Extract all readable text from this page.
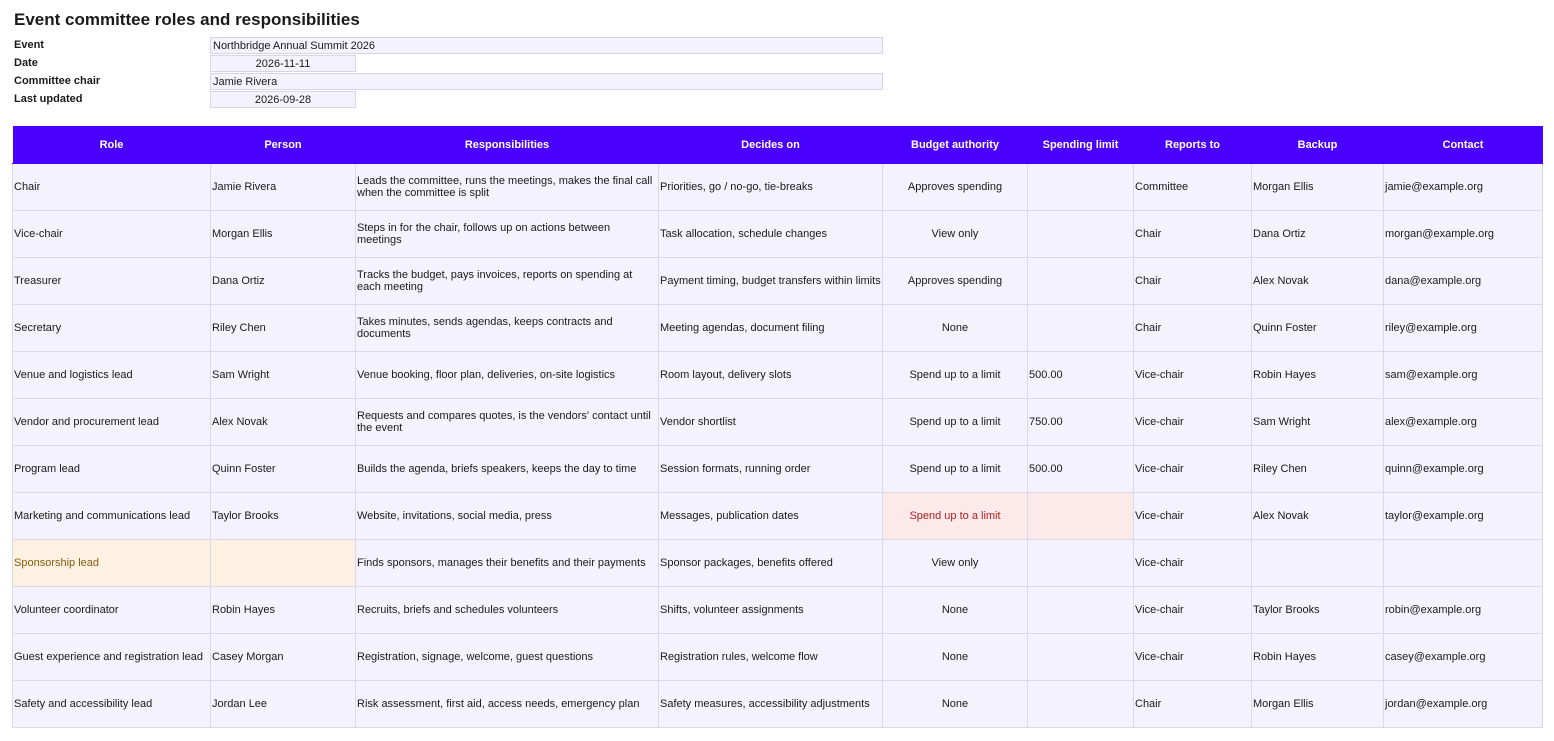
Event committee roles and responsibilities
Event	Northbridge Annual Summit 2026
Date	2026-11-11
Committee chair	Jamie Rivera
Last updated	2026-09-28
Role	Person	Responsibilities	Decides on	Budget authority	Spending limit	Reports to	Backup	Contact
Chair	Jamie Rivera	Leads the committee, runs the meetings, makes the final call when the committee is split	Priorities, go / no-go, tie-breaks	Approves spending		Committee	Morgan Ellis	jamie@example.org
Vice-chair	Morgan Ellis	Steps in for the chair, follows up on actions between meetings	Task allocation, schedule changes	View only		Chair	Dana Ortiz	morgan@example.org
Treasurer	Dana Ortiz	Tracks the budget, pays invoices, reports on spending at each meeting	Payment timing, budget transfers within limits	Approves spending		Chair	Alex Novak	dana@example.org
Secretary	Riley Chen	Takes minutes, sends agendas, keeps contracts and documents	Meeting agendas, document filing	None		Chair	Quinn Foster	riley@example.org
Venue and logistics lead	Sam Wright	Venue booking, floor plan, deliveries, on-site logistics	Room layout, delivery slots	Spend up to a limit	500.00	Vice-chair	Robin Hayes	sam@example.org
Vendor and procurement lead	Alex Novak	Requests and compares quotes, is the vendors' contact until the event	Vendor shortlist	Spend up to a limit	750.00	Vice-chair	Sam Wright	alex@example.org
Program lead	Quinn Foster	Builds the agenda, briefs speakers, keeps the day to time	Session formats, running order	Spend up to a limit	500.00	Vice-chair	Riley Chen	quinn@example.org
Marketing and communications lead	Taylor Brooks	Website, invitations, social media, press	Messages, publication dates	Spend up to a limit		Vice-chair	Alex Novak	taylor@example.org
Sponsorship lead		Finds sponsors, manages their benefits and their payments	Sponsor packages, benefits offered	View only		Vice-chair		
Volunteer coordinator	Robin Hayes	Recruits, briefs and schedules volunteers	Shifts, volunteer assignments	None		Vice-chair	Taylor Brooks	robin@example.org
Guest experience and registration lead	Casey Morgan	Registration, signage, welcome, guest questions	Registration rules, welcome flow	None		Vice-chair	Robin Hayes	casey@example.org
Safety and accessibility lead	Jordan Lee	Risk assessment, first aid, access needs, emergency plan	Safety measures, accessibility adjustments	None		Chair	Morgan Ellis	jordan@example.org
